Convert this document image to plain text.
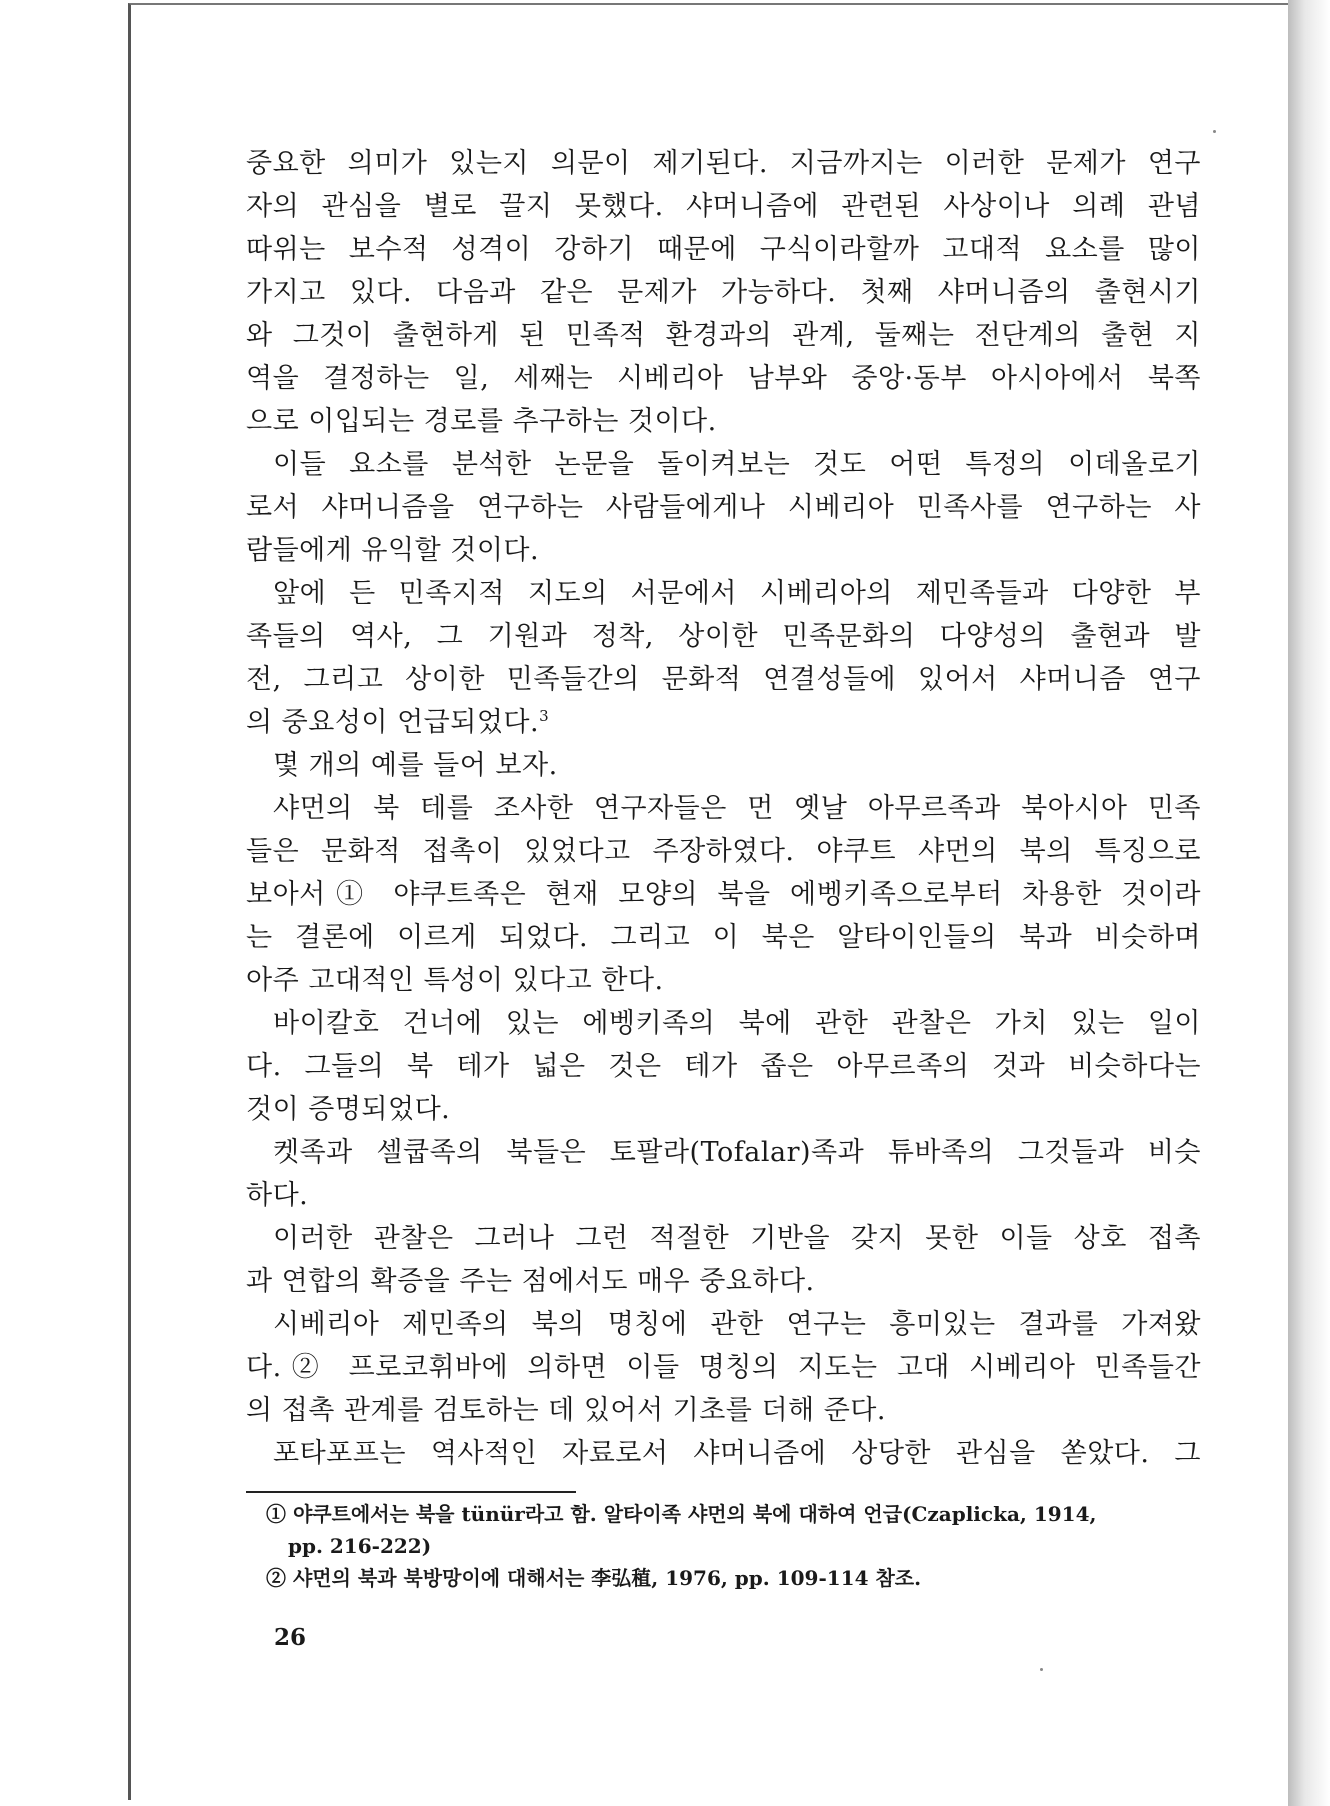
중요한 의미가 있는지 의문이 제기된다. 지금까지는 이러한 문제가 연구
자의 관심을 별로 끌지 못했다. 샤머니즘에 관련된 사상이나 의례 관념
따위는 보수적 성격이 강하기 때문에 구식이라할까 고대적 요소를 많이
가지고 있다. 다음과 같은 문제가 가능하다. 첫째 샤머니즘의 출현시기
와 그것이 출현하게 된 민족적 환경과의 관계, 둘째는 전단계의 출현 지
역을 결정하는 일, 세째는 시베리아 남부와 중앙·동부 아시아에서 북쪽
으로 이입되는 경로를 추구하는 것이다.
이들 요소를 분석한 논문을 돌이켜보는 것도 어떤 특정의 이데올로기
로서 샤머니즘을 연구하는 사람들에게나 시베리아 민족사를 연구하는 사
람들에게 유익할 것이다.
앞에 든 민족지적 지도의 서문에서 시베리아의 제민족들과 다양한 부
족들의 역사, 그 기원과 정착, 상이한 민족문화의 다양성의 출현과 발
전, 그리고 상이한 민족들간의 문화적 연결성들에 있어서 샤머니즘 연구
의 중요성이 언급되었다.$^3$
몇 개의 예를 들어 보자.
샤먼의 북 테를 조사한 연구자들은 먼 옛날 아무르족과 북아시아 민족
들은 문화적 접촉이 있었다고 주장하였다. 야쿠트 샤먼의 북의 특징으로
보아서① 야쿠트족은 현재 모양의 북을 에벵키족으로부터 차용한 것이라
는 결론에 이르게 되었다. 그리고 이 북은 알타이인들의 북과 비슷하며
아주 고대적인 특성이 있다고 한다.
바이칼호 건너에 있는 에벵키족의 북에 관한 관찰은 가치 있는 일이
다. 그들의 북 테가 넓은 것은 테가 좁은 아무르족의 것과 비슷하다는
것이 증명되었다.
켓족과 셀쿱족의 북들은 토팔라(Tofalar)족과 튜바족의 그것들과 비슷
하다.
이러한 관찰은 그러나 그런 적절한 기반을 갖지 못한 이들 상호 접촉
과 연합의 확증을 주는 점에서도 매우 중요하다.
시베리아 제민족의 북의 명칭에 관한 연구는 흥미있는 결과를 가져왔
다.② 프로코휘바에 의하면 이들 명칭의 지도는 고대 시베리아 민족들간
의 접촉 관계를 검토하는 데 있어서 기초를 더해 준다.
포타포프는 역사적인 자료로서 샤머니즘에 상당한 관심을 쏟았다. 그
① 야쿠트에서는 북을 tünür라고 함. 알타이족 샤먼의 북에 대하여 언급(Czaplicka, 1914,
pp. 216-222)
② 샤먼의 북과 북방망이에 대해서는 李弘稙, 1976, pp. 109-114 참조.
26
